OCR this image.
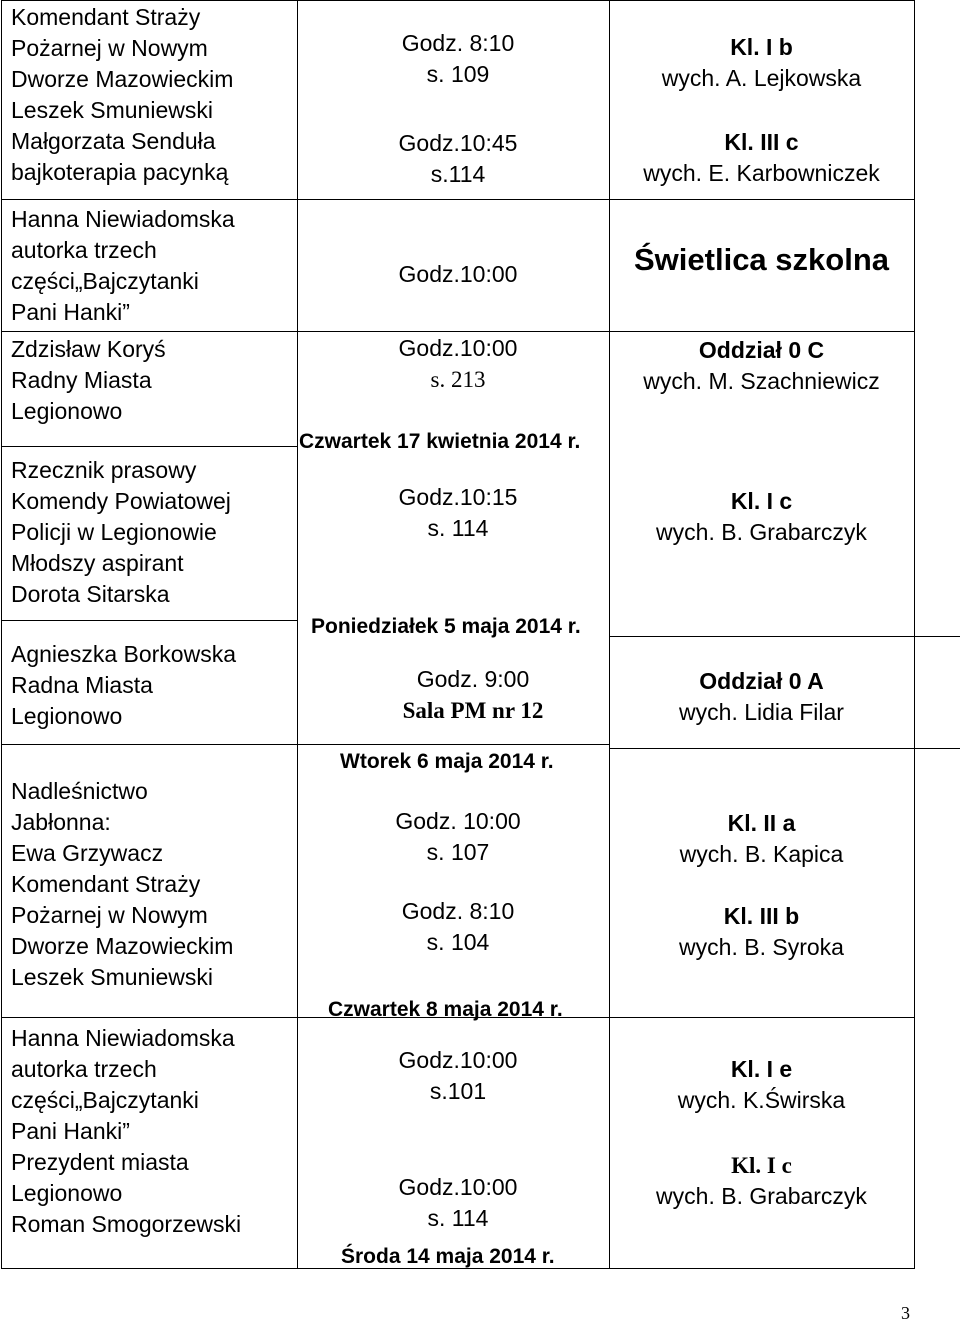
Komendant Straży
Pożarnej w Nowym
Dworze Mazowieckim
Leszek Smuniewski
Małgorzata Senduła
bajkoterapia pacynką
Hanna Niewiadomska
autorka trzech
części„Bajczytanki
Pani Hanki”
Zdzisław Koryś
Radny Miasta
Legionowo
Rzecznik prasowy
Komendy Powiatowej
Policji w Legionowie
Młodszy aspirant
Dorota Sitarska
Agnieszka Borkowska
Radna Miasta
Legionowo
Nadleśnictwo
Jabłonna:
Ewa Grzywacz
Komendant Straży
Pożarnej w Nowym
Dworze Mazowieckim
Leszek Smuniewski
Hanna Niewiadomska
autorka trzech
części„Bajczytanki
Pani Hanki”
Prezydent miasta
Legionowo
Roman Smogorzewski
Godz. 8:10
s. 109
Godz.10:45
s.114
Godz.10:00
Godz.10:00
s. 213
Czwartek 17 kwietnia 2014 r.
Godz.10:15
s. 114
Poniedziałek 5 maja 2014 r.
Godz. 9:00
Sala PM nr 12
Wtorek 6 maja 2014 r.
Godz. 10:00
s. 107
Godz. 8:10
s. 104
Czwartek 8 maja 2014 r.
Godz.10:00
s.101
Godz.10:00
s. 114
Środa 14 maja 2014 r.
Kl. I b
wych. A. Lejkowska
Kl. III c
wych. E. Karbowniczek
Świetlica szkolna
Oddział 0 C
wych. M. Szachniewicz
Kl. I c
wych. B. Grabarczyk
Oddział 0 A
wych. Lidia Filar
Kl. II a
wych. B. Kapica
Kl. III b
wych. B. Syroka
Kl. I e
wych. K.Świrska
Kl. I c
wych. B. Grabarczyk
3
